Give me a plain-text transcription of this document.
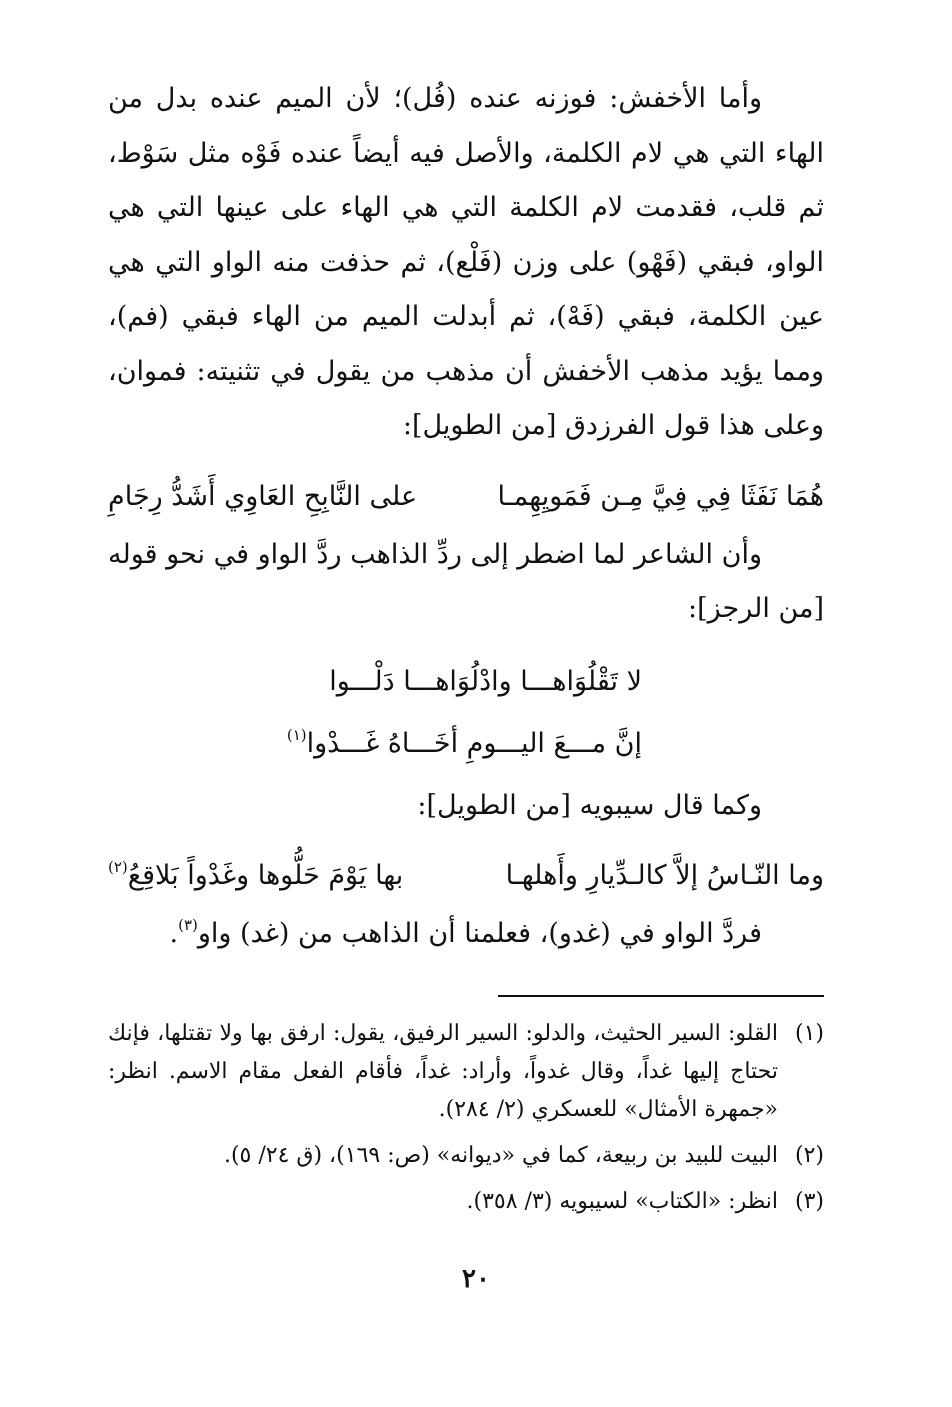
وأما الأخفش: فوزنه عنده (فُل)؛ لأن الميم عنده بدل من الهاء التي هي لام الكلمة، والأصل فيه أيضاً عنده فَوْه مثل سَوْط، ثم قلب، فقدمت لام الكلمة التي هي الهاء على عينها التي هي الواو، فبقي (فَهْو) على وزن (فَلْع)، ثم حذفت منه الواو التي هي عين الكلمة، فبقي (فَهْ)، ثم أبدلت الميم من الهاء فبقي (فم)، ومما يؤيد مذهب الأخفش أن مذهب من يقول في تثنيته: فموان، وعلى هذا قول الفرزدق [من الطويل]:

هُمَا نَفَثَا فِي فِيَّ مِـن فَمَويِهِمـا
على النَّابِحِ العَاوِي أَشَدُّ رِجَامِ

وأن الشاعر لما اضطر إلى ردِّ الذاهب ردَّ الواو في نحو قوله [من الرجز]:

لا تَقْلُوَاهـــا وادْلُوَاهـــا دَلْـــوا
إنَّ مـــعَ اليـــومِ أخَـــاهُ غَـــدْوا$^{(١)}$

وكما قال سيبويه [من الطويل]:

وما النّـاسُ إلاَّ كالـدِّيارِ وأَهلهـا
بها يَوْمَ حَلُّوها وغَدْواً بَلاقِعُ$^{(٢)}$

فردَّ الواو في (غدو)، فعلمنا أن الذاهب من (غد) واو$^{(٣)}$.

(١)
القلو: السير الحثيث، والدلو: السير الرفيق، يقول: ارفق بها ولا تقتلها، فإنك تحتاج إليها غداً، وقال غدواً، وأراد: غداً، فأقام الفعل مقام الاسم. انظر: «جمهرة الأمثال» للعسكري (٢/ ٢٨٤).
(٢)
البيت للبيد بن ربيعة، كما في «ديوانه» (ص: ١٦٩)، (ق ٢٤/ ٥).
(٣)
انظر: «الكتاب» لسيبويه (٣/ ٣٥٨).
٢٠
